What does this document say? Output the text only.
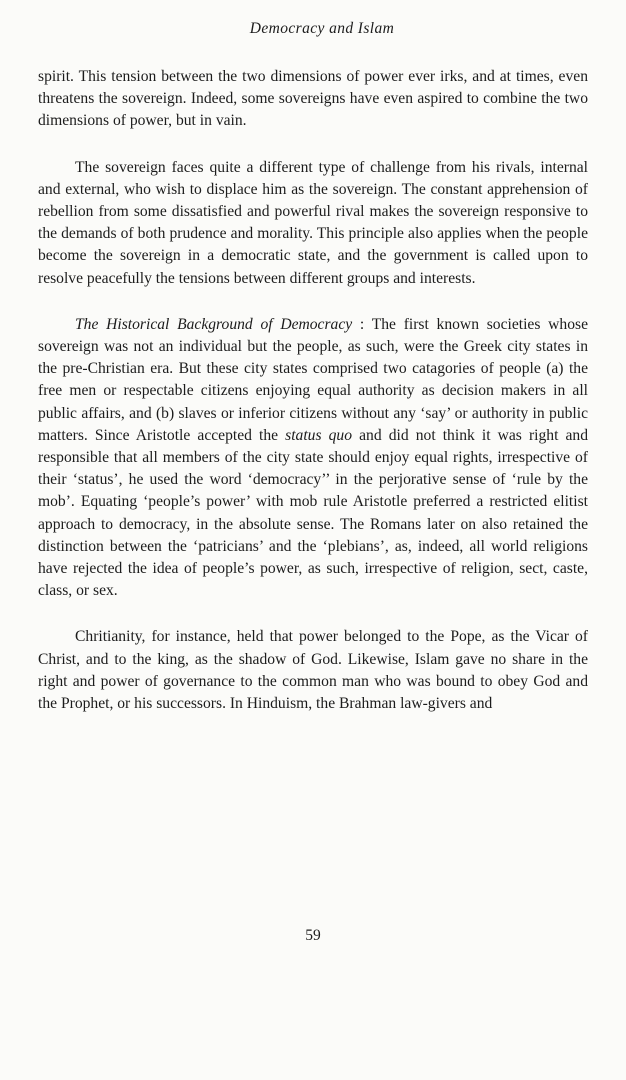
Democracy and Islam

spirit. This tension between the two dimensions of power ever irks, and at times, even threatens the sovereign. Indeed, some sovereigns have even aspired to combine the two dimensions of power, but in vain.

The sovereign faces quite a different type of challenge from his rivals, internal and external, who wish to displace him as the sovereign. The constant apprehension of rebellion from some dissatisfied and powerful rival makes the sovereign responsive to the demands of both prudence and morality. This principle also applies when the people become the sovereign in a democratic state, and the government is called upon to resolve peacefully the tensions between different groups and interests.

The Historical Background of Democracy : The first known societies whose sovereign was not an individual but the people, as such, were the Greek city states in the pre-Christian era. But these city states comprised two catagories of people (a) the free men or respectable citizens enjoying equal authority as decision makers in all public affairs, and (b) slaves or inferior citizens without any ‘say’ or authority in public matters. Since Aristotle accepted the status quo and did not think it was right and responsible that all members of the city state should enjoy equal rights, irrespective of their ‘status’, he used the word ‘democracy’’ in the perjorative sense of ‘rule by the mob’. Equating ‘people’s power’ with mob rule Aristotle preferred a restricted elitist approach to democracy, in the absolute sense. The Romans later on also retained the distinction between the ‘patricians’ and the ‘plebians’, as, indeed, all world religions have rejected the idea of people’s power, as such, irrespective of religion, sect, caste, class, or sex.

Chritianity, for instance, held that power belonged to the Pope, as the Vicar of Christ, and to the king, as the shadow of God. Likewise, Islam gave no share in the right and power of governance to the common man who was bound to obey God and the Prophet, or his successors. In Hinduism, the Brahman law-givers and

59
